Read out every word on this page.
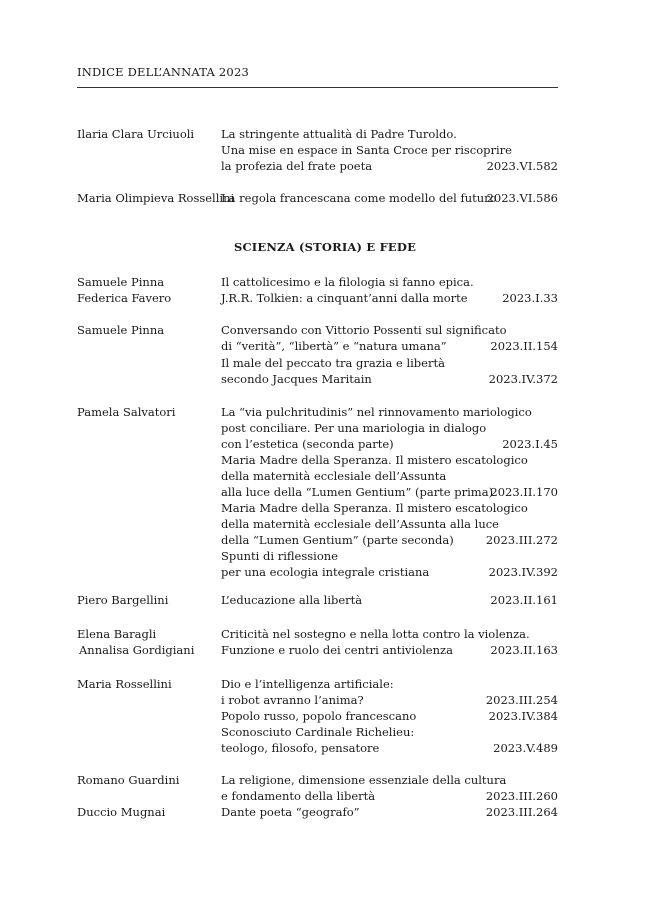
INDICE DELL’ANNATA 2023
Ilaria Clara Urciuoli
Maria Olimpieva Rossellini
Samuele Pinna
Federica Favero
Samuele Pinna
Pamela Salvatori
Piero Bargellini
Elena Baragli
Annalisa Gordigiani
Maria Rossellini
Romano Guardini
Duccio Mugnai
SCIENZA (STORIA) E FEDE
La stringente attualità di Padre Turoldo.
Una mise en espace in Santa Croce per riscoprire
la profezia del frate poeta
La regola francescana come modello del futuro
Il cattolicesimo e la filologia si fanno epica.
J.R.R. Tolkien: a cinquant’anni dalla morte
Conversando con Vittorio Possenti sul significato
di “verità”, “libertà” e “natura umana”
Il male del peccato tra grazia e libertà
secondo Jacques Maritain
La “via pulchritudinis” nel rinnovamento mariologico
post conciliare. Per una mariologia in dialogo
con l’estetica (seconda parte)
Maria Madre della Speranza. Il mistero escatologico
della maternità ecclesiale dell’Assunta
alla luce della “Lumen Gentium” (parte prima)
Maria Madre della Speranza. Il mistero escatologico
della maternità ecclesiale dell’Assunta alla luce
della “Lumen Gentium” (parte seconda)
Spunti di riflessione
per una ecologia integrale cristiana
L’educazione alla libertà
Criticità nel sostegno e nella lotta contro la violenza.
Funzione e ruolo dei centri antiviolenza
Dio e l’intelligenza artificiale:
i robot avranno l’anima?
Popolo russo, popolo francescano
Sconosciuto Cardinale Richelieu:
teologo, filosofo, pensatore
La religione, dimensione essenziale della cultura
e fondamento della libertà
Dante poeta “geografo”
2023.VI.582
2023.VI.586
2023.I.33
2023.II.154
2023.IV.372
2023.I.45
2023.II.170
2023.III.272
2023.IV.392
2023.II.161
2023.II.163
2023.III.254
2023.IV.384
2023.V.489
2023.III.260
2023.III.264
